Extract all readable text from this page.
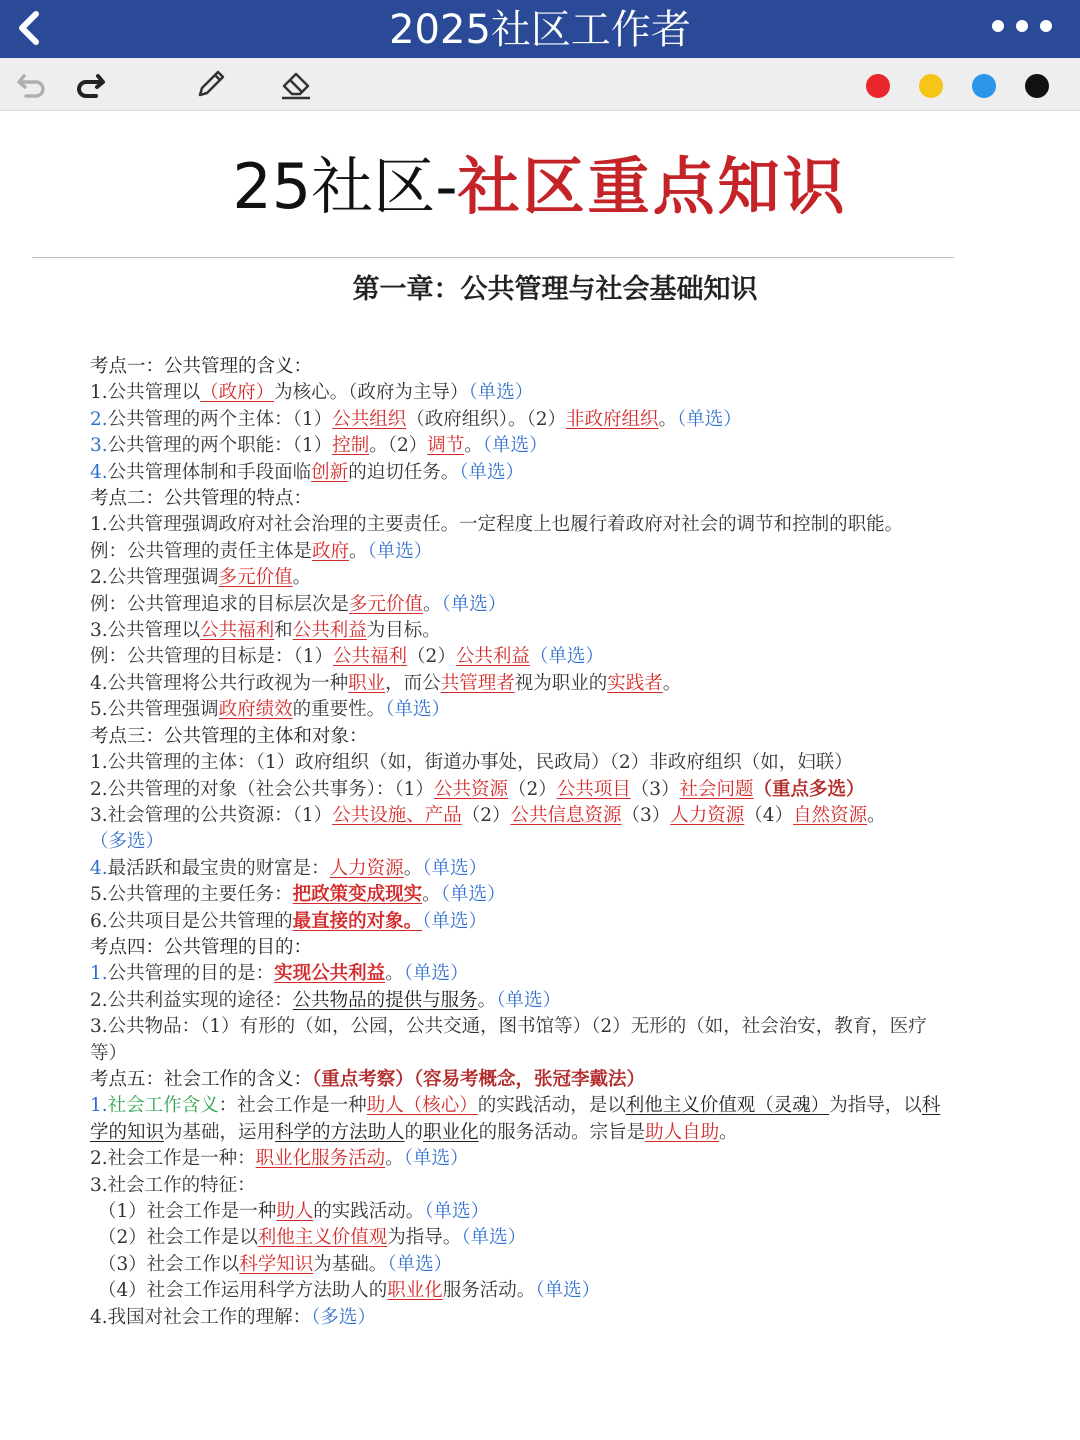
2025社区工作者
25社区-社区重点知识
第一章：公共管理与社会基础知识
考点一：公共管理的含义：
1.公共管理以（政府）为核心。（政府为主导）（单选）
2.公共管理的两个主体：（1）公共组织（政府组织）。（2）非政府组织。（单选）
3.公共管理的两个职能：（1）控制。（2）调节。（单选）
4.公共管理体制和手段面临创新的迫切任务。（单选）
考点二：公共管理的特点：
1.公共管理强调政府对社会治理的主要责任。一定程度上也履行着政府对社会的调节和控制的职能。
例：公共管理的责任主体是政府。（单选）
2.公共管理强调多元价值。
例：公共管理追求的目标层次是多元价值。（单选）
3.公共管理以公共福利和公共利益为目标。
例：公共管理的目标是：（1）公共福利（2）公共利益（单选）
4.公共管理将公共行政视为一种职业，而公共管理者视为职业的实践者。
5.公共管理强调政府绩效的重要性。（单选）
考点三：公共管理的主体和对象：
1.公共管理的主体：（1）政府组织（如，街道办事处，民政局）（2）非政府组织（如，妇联）
2.公共管理的对象（社会公共事务）：（1）公共资源（2）公共项目（3）社会问题（重点多选）
3.社会管理的公共资源：（1）公共设施、产品（2）公共信息资源（3）人力资源（4）自然资源。（多选）
4.最活跃和最宝贵的财富是：人力资源。（单选）
5.公共管理的主要任务：把政策变成现实。（单选）
6.公共项目是公共管理的最直接的对象。（单选）
考点四：公共管理的目的：
1.公共管理的目的是：实现公共利益。（单选）
2.公共利益实现的途径：公共物品的提供与服务。（单选）
3.公共物品：（1）有形的（如，公园，公共交通，图书馆等）（2）无形的（如，社会治安，教育，医疗等）
考点五：社会工作的含义：（重点考察）（容易考概念，张冠李戴法）
1.社会工作含义：社会工作是一种助人（核心）的实践活动，是以利他主义价值观（灵魂）为指导，以科学的知识为基础，运用科学的方法助人的职业化的服务活动。宗旨是助人自助。
2.社会工作是一种：职业化服务活动。（单选）
3.社会工作的特征：
（1）社会工作是一种助人的实践活动。（单选）
（2）社会工作是以利他主义价值观为指导。（单选）
（3）社会工作以科学知识为基础。（单选）
（4）社会工作运用科学方法助人的职业化服务活动。（单选）
4.我国对社会工作的理解：（多选）
